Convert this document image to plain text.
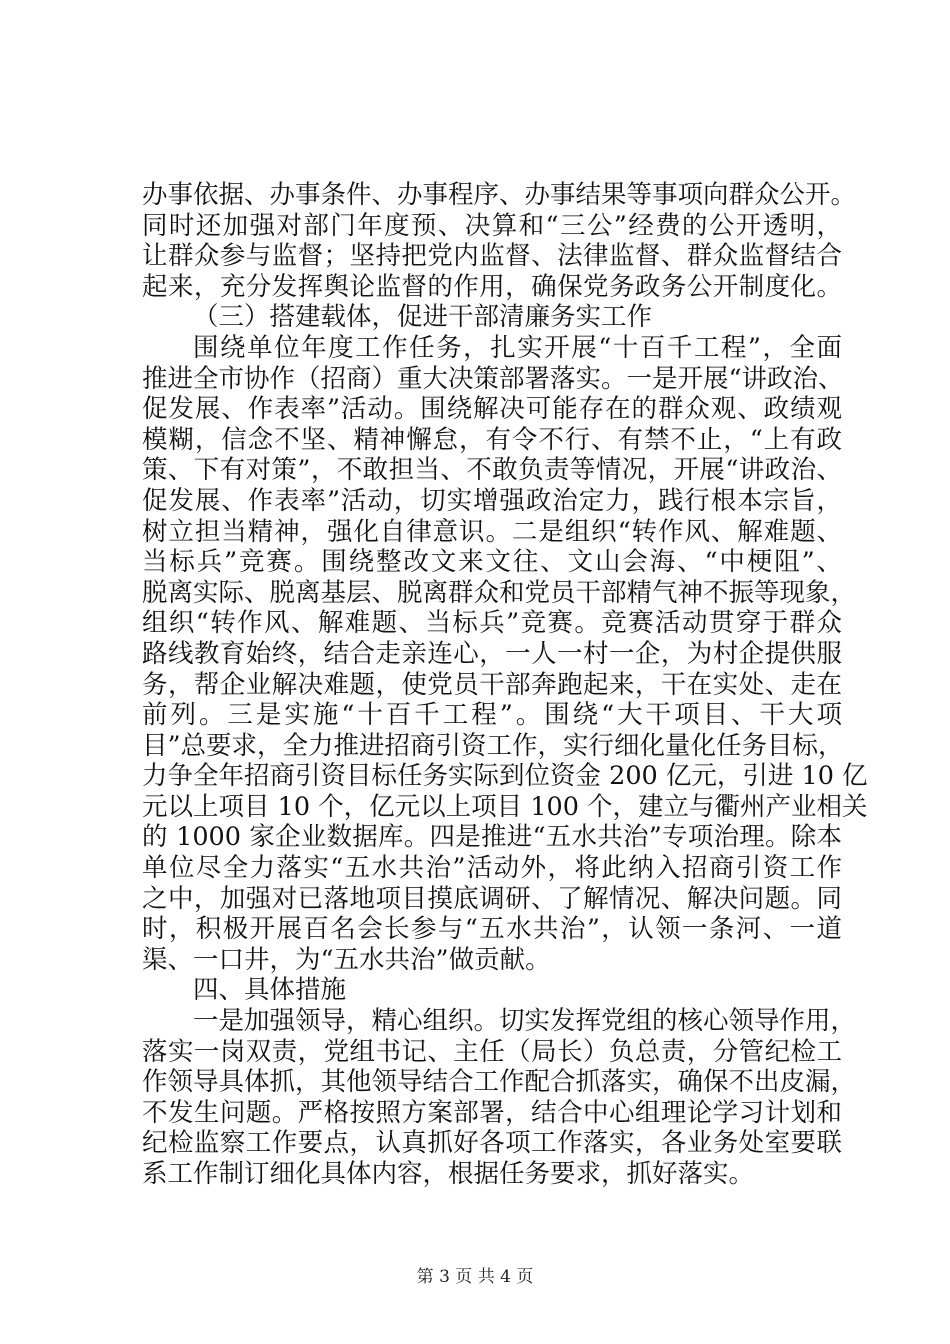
办事依据、办事条件、办事程序、办事结果等事项向群众公开。
同时还加强对部门年度预、决算和“三公”经费的公开透明，
让群众参与监督；坚持把党内监督、法律监督、群众监督结合
起来，充分发挥舆论监督的作用，确保党务政务公开制度化。
（三）搭建载体，促进干部清廉务实工作
围绕单位年度工作任务，扎实开展“十百千工程”，全面
推进全市协作（招商）重大决策部署落实。一是开展“讲政治、
促发展、作表率”活动。围绕解决可能存在的群众观、政绩观
模糊，信念不坚、精神懈怠，有令不行、有禁不止，“上有政
策、下有对策”，不敢担当、不敢负责等情况，开展“讲政治、
促发展、作表率”活动，切实增强政治定力，践行根本宗旨，
树立担当精神，强化自律意识。二是组织“转作风、解难题、
当标兵”竞赛。围绕整改文来文往、文山会海、“中梗阻”、
脱离实际、脱离基层、脱离群众和党员干部精气神不振等现象，
组织“转作风、解难题、当标兵”竞赛。竞赛活动贯穿于群众
路线教育始终，结合走亲连心，一人一村一企，为村企提供服
务，帮企业解决难题，使党员干部奔跑起来，干在实处、走在
前列。三是实施“十百千工程”。围绕“大干项目、干大项
目”总要求，全力推进招商引资工作，实行细化量化任务目标，
力争全年招商引资目标任务实际到位资金 200 亿元，引进 10 亿
元以上项目 10 个，亿元以上项目 100 个，建立与衢州产业相关
的 1000 家企业数据库。四是推进“五水共治”专项治理。除本
单位尽全力落实“五水共治”活动外，将此纳入招商引资工作
之中，加强对已落地项目摸底调研、了解情况、解决问题。同
时，积极开展百名会长参与“五水共治”，认领一条河、一道
渠、一口井，为“五水共治”做贡献。
四、具体措施
一是加强领导，精心组织。切实发挥党组的核心领导作用，
落实一岗双责，党组书记、主任（局长）负总责，分管纪检工
作领导具体抓，其他领导结合工作配合抓落实，确保不出皮漏，
不发生问题。严格按照方案部署，结合中心组理论学习计划和
纪检监察工作要点，认真抓好各项工作落实，各业务处室要联
系工作制订细化具体内容，根据任务要求，抓好落实。
第 3 页 共 4 页
